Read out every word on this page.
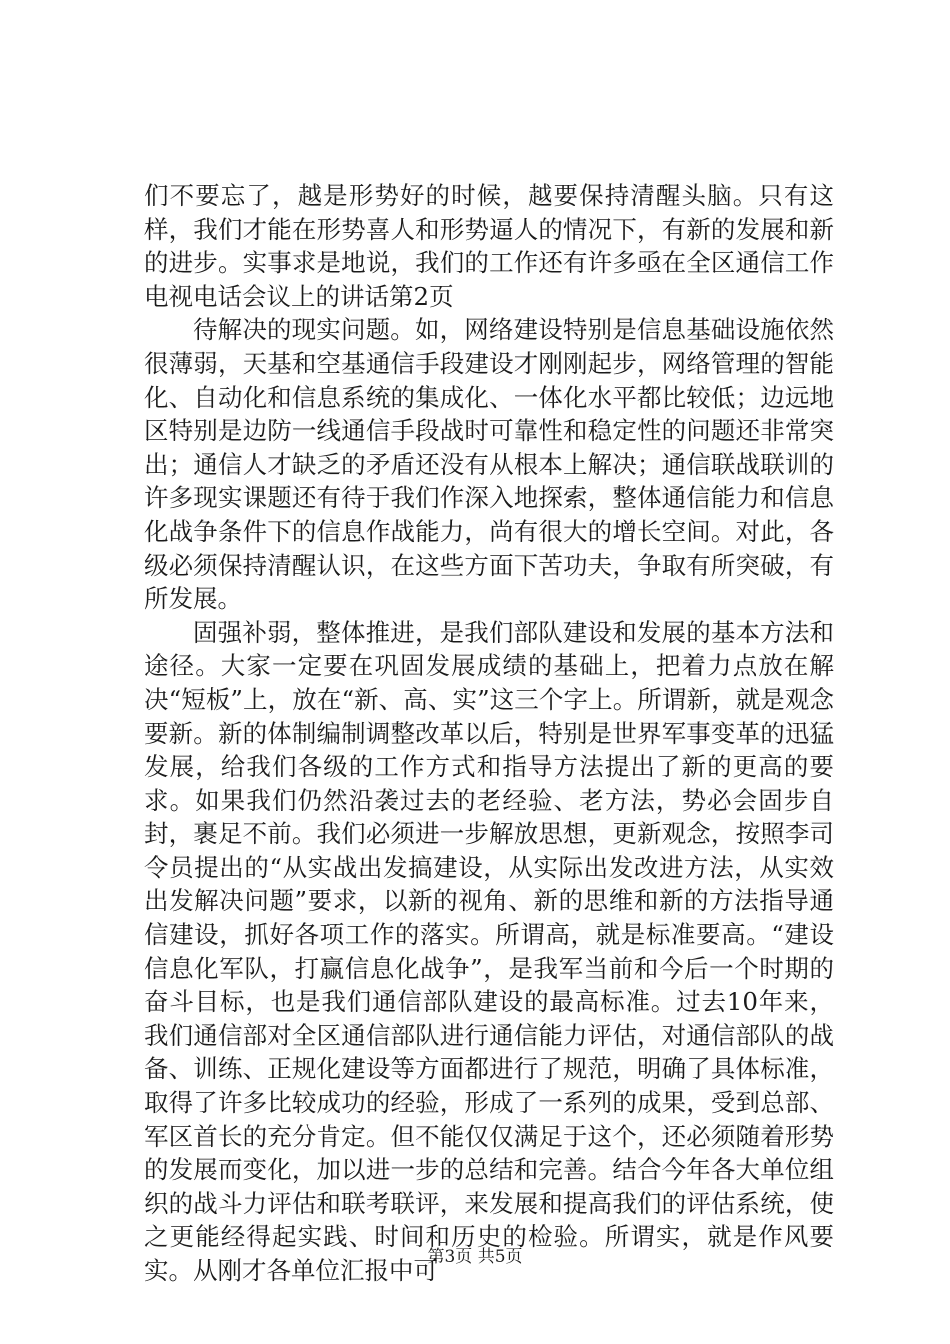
们不要忘了，越是形势好的时候，越要保持清醒头脑。只有这样，我们才能在形势喜人和形势逼人的情况下，有新的发展和新的进步。实事求是地说，我们的工作还有许多亟在全区通信工作电视电话会议上的讲话第2页

待解决的现实问题。如，网络建设特别是信息基础设施依然很薄弱，天基和空基通信手段建设才刚刚起步，网络管理的智能化、自动化和信息系统的集成化、一体化水平都比较低；边远地区特别是边防一线通信手段战时可靠性和稳定性的问题还非常突出；通信人才缺乏的矛盾还没有从根本上解决；通信联战联训的许多现实课题还有待于我们作深入地探索，整体通信能力和信息化战争条件下的信息作战能力，尚有很大的增长空间。对此，各级必须保持清醒认识，在这些方面下苦功夫，争取有所突破，有所发展。

固强补弱，整体推进，是我们部队建设和发展的基本方法和途径。大家一定要在巩固发展成绩的基础上，把着力点放在解决“短板”上，放在“新、高、实”这三个字上。所谓新，就是观念要新。新的体制编制调整改革以后，特别是世界军事变革的迅猛发展，给我们各级的工作方式和指导方法提出了新的更高的要求。如果我们仍然沿袭过去的老经验、老方法，势必会固步自封，裹足不前。我们必须进一步解放思想，更新观念，按照李司令员提出的“从实战出发搞建设，从实际出发改进方法，从实效出发解决问题”要求，以新的视角、新的思维和新的方法指导通信建设，抓好各项工作的落实。所谓高，就是标准要高。“建设信息化军队，打赢信息化战争”，是我军当前和今后一个时期的奋斗目标，也是我们通信部队建设的最高标准。过去10年来，我们通信部对全区通信部队进行通信能力评估，对通信部队的战备、训练、正规化建设等方面都进行了规范，明确了具体标准，取得了许多比较成功的经验，形成了一系列的成果，受到总部、军区首长的充分肯定。但不能仅仅满足于这个，还必须随着形势的发展而变化，加以进一步的总结和完善。结合今年各大单位组织的战斗力评估和联考联评，来发展和提高我们的评估系统，使之更能经得起实践、时间和历史的检验。所谓实，就是作风要实。从刚才各单位汇报中可

第3页 共5页
